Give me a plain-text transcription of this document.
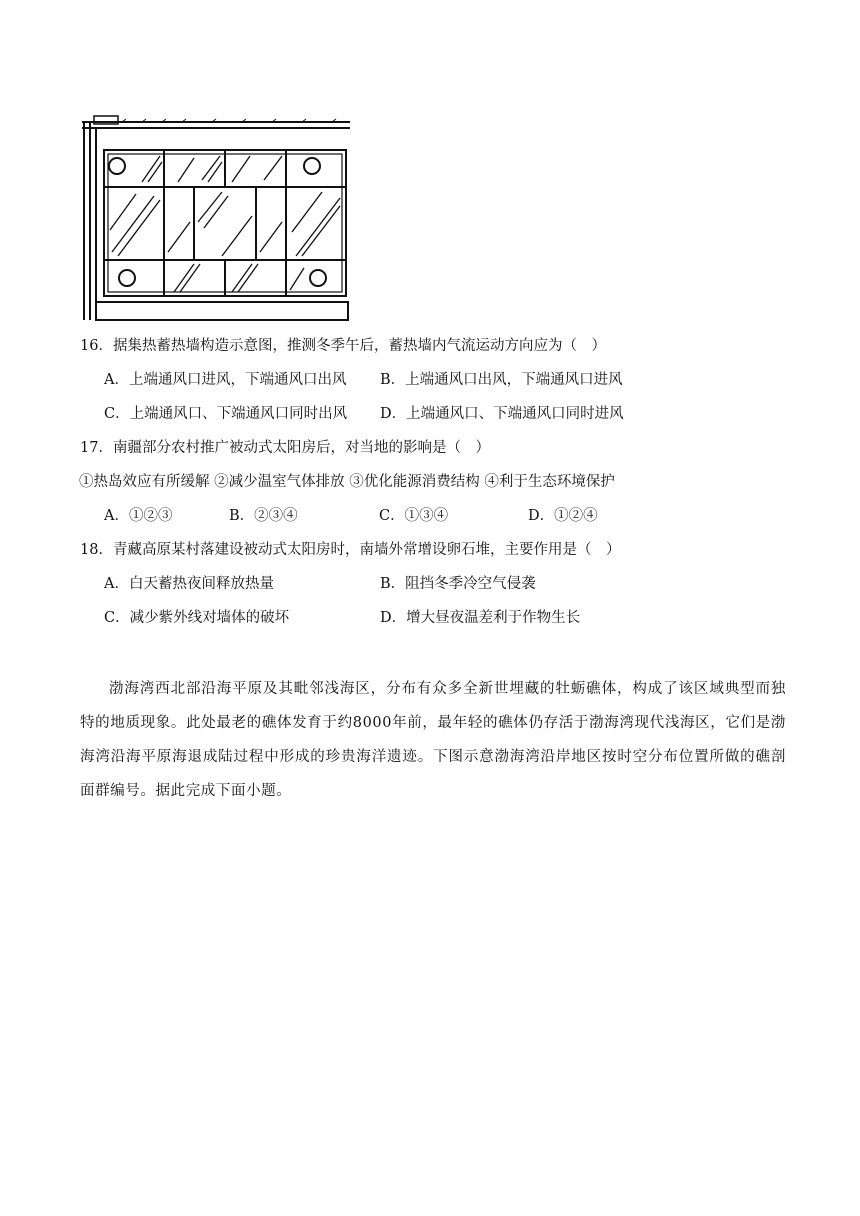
16．据集热蓄热墙构造示意图，推测冬季午后，蓄热墙内气流运动方向应为（　）
A．上端通风口进风，下端通风口出风 B．上端通风口出风，下端通风口进风
C．上端通风口、下端通风口同时出风 D．上端通风口、下端通风口同时进风
17．南疆部分农村推广被动式太阳房后，对当地的影响是（　）
①热岛效应有所缓解 ②减少温室气体排放 ③优化能源消费结构 ④利于生态环境保护
A．①②③	B．②③④	C．①③④	D．①②④
18．青藏高原某村落建设被动式太阳房时，南墙外常增设卵石堆，主要作用是（　）
A．白天蓄热夜间释放热量	B．阻挡冬季冷空气侵袭
C．减少紫外线对墙体的破坏	D．增大昼夜温差利于作物生长
渤海湾西北部沿海平原及其毗邻浅海区，分布有众多全新世埋藏的牡蛎礁体，构成了该区域典型而独特的地质现象。此处最老的礁体发育于约8000年前，最年轻的礁体仍存活于渤海湾现代浅海区，它们是渤海湾沿海平原海退成陆过程中形成的珍贵海洋遗迹。下图示意渤海湾沿岸地区按时空分布位置所做的礁剖面群编号。据此完成下面小题。
